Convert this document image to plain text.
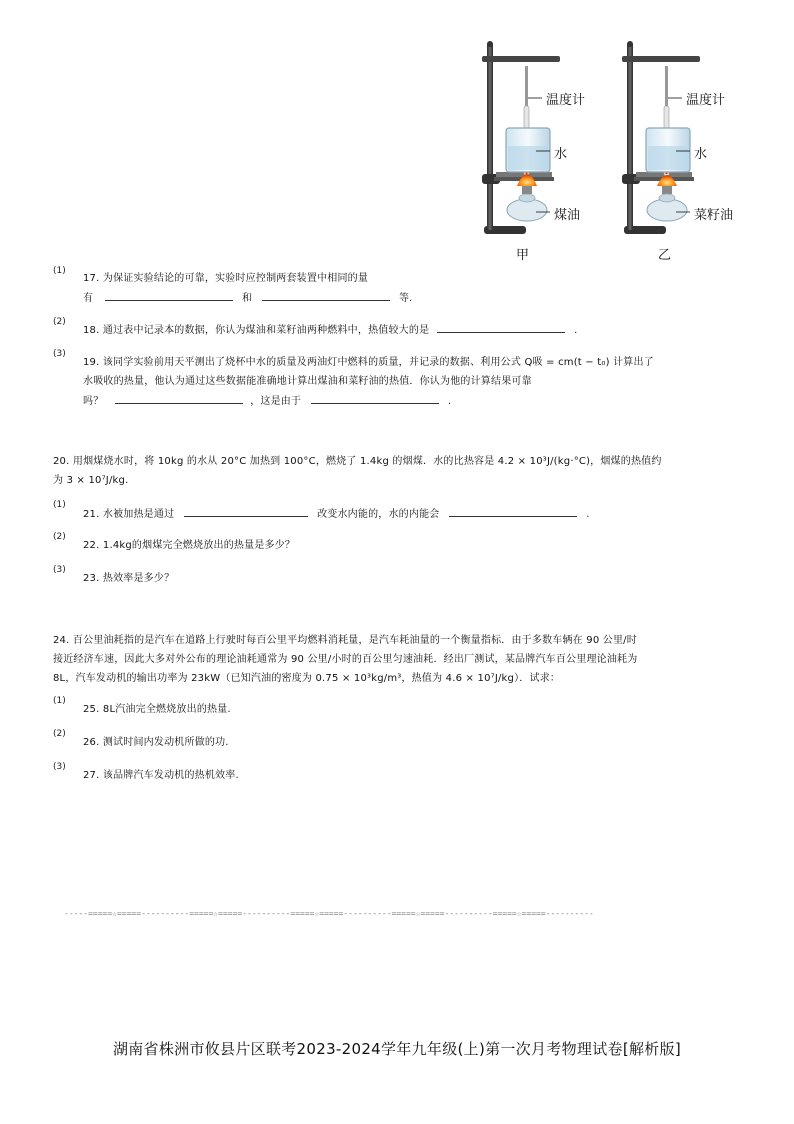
温度计
水
煤油
甲
温度计
水
菜籽油
乙
(1)
17. 为保证实验结论的可靠，实验时应控制两套装置中相同的量
有	和	等.
(2)
18. 通过表中记录本的数据，你认为煤油和菜籽油两种燃料中，热值较大的是	.
(3)
19. 该同学实验前用天平测出了烧杯中水的质量及两油灯中燃料的质量，并记录的数据、利用公式 Q吸 = cm(t − t₀) 计算出了
水吸收的热量，他认为通过这些数据能准确地计算出煤油和菜籽油的热值．你认为他的计算结果可靠
吗？	，这是由于	.
20. 用烟煤烧水时，将 10kg 的水从 20°C 加热到 100°C，燃烧了 1.4kg 的烟煤．水的比热容是 4.2 × 10³J/(kg·°C)，烟煤的热值约
为 3 × 10⁷J/kg.
(1)
21. 水被加热是通过	改变水内能的，水的内能会	.
(2)
22. 1.4kg的烟煤完全燃烧放出的热量是多少？
(3)
23. 热效率是多少？
24. 百公里油耗指的是汽车在道路上行驶时每百公里平均燃料消耗量，是汽车耗油量的一个衡量指标．由于多数车辆在 90 公里/时
接近经济车速，因此大多对外公布的理论油耗通常为 90 公里/小时的百公里匀速油耗．经出厂测试，某品牌汽车百公里理论油耗为
8L，汽车发动机的输出功率为 23kW（已知汽油的密度为 0.75 × 10³kg/m³，热值为 4.6 × 10⁷J/kg）．试求：
(1)
25. 8L汽油完全燃烧放出的热量.
(2)
26. 测试时间内发动机所做的功.
(3)
27. 该品牌汽车发动机的热机效率.
-----=====☆=====----------=====☆=====----------=====☆=====----------=====☆=====----------=====☆=====----------
湖南省株洲市攸县片区联考2023-2024学年九年级(上)第一次月考物理试卷[解析版]
